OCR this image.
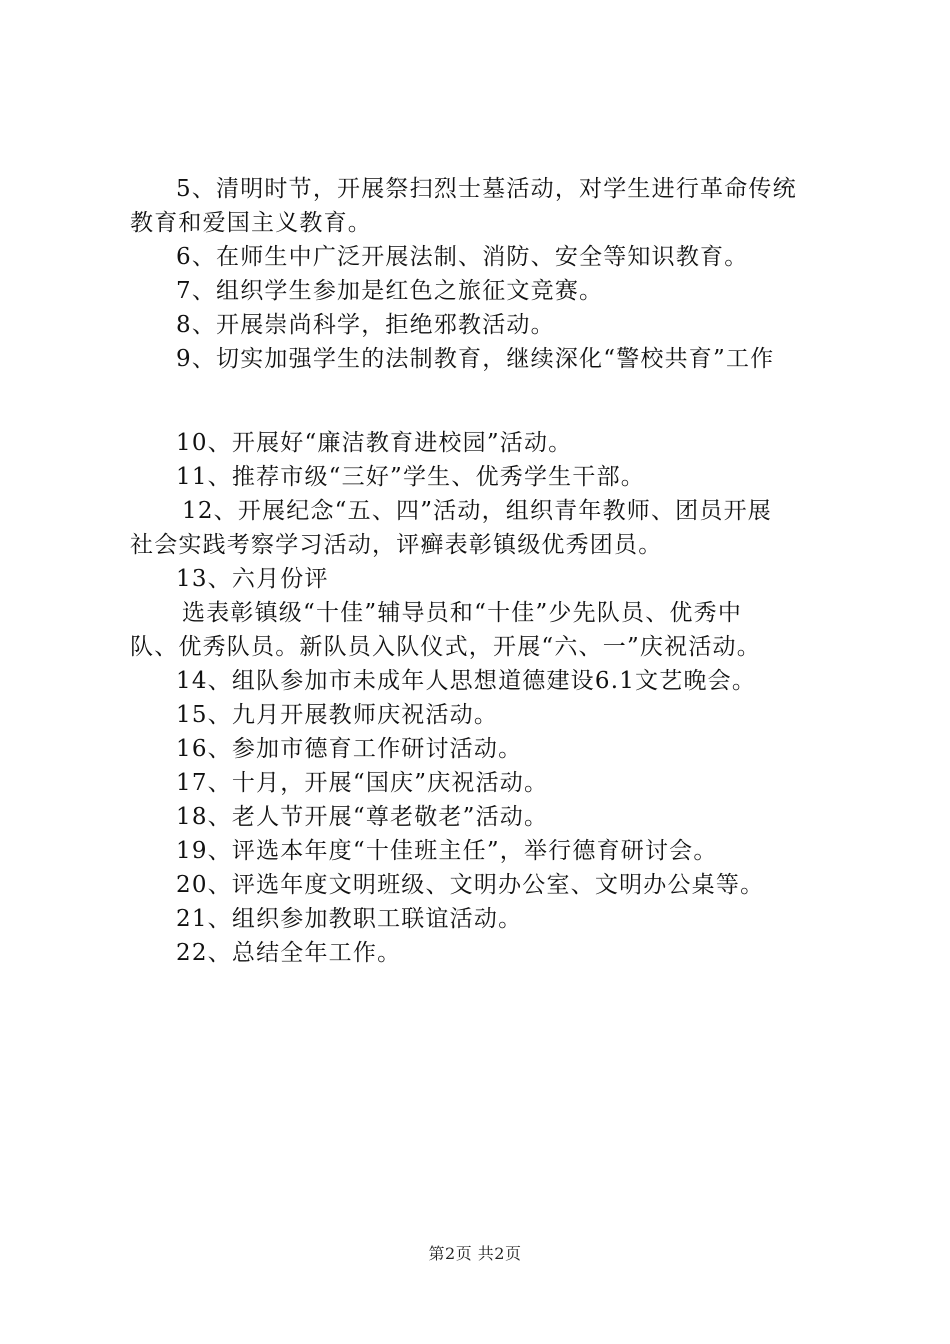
5、清明时节，开展祭扫烈士墓活动，对学生进行革命传统
教育和爱国主义教育。
6、在师生中广泛开展法制、消防、安全等知识教育。
7、组织学生参加是红色之旅征文竞赛。
8、开展崇尚科学，拒绝邪教活动。
9、切实加强学生的法制教育，继续深化“警校共育”工作
10、开展好“廉洁教育进校园”活动。
11、推荐市级“三好”学生、优秀学生干部。
12、开展纪念“五、四”活动，组织青年教师、团员开展
社会实践考察学习活动，评癣表彰镇级优秀团员。
13、六月份评
选表彰镇级“十佳”辅导员和“十佳”少先队员、优秀中
队、优秀队员。新队员入队仪式，开展“六、一”庆祝活动。
14、组队参加市未成年人思想道德建设6.1文艺晚会。
15、九月开展教师庆祝活动。
16、参加市德育工作研讨活动。
17、十月，开展“国庆”庆祝活动。
18、老人节开展“尊老敬老”活动。
19、评选本年度“十佳班主任”，举行德育研讨会。
20、评选年度文明班级、文明办公室、文明办公桌等。
21、组织参加教职工联谊活动。
22、总结全年工作。
第2页 共2页
